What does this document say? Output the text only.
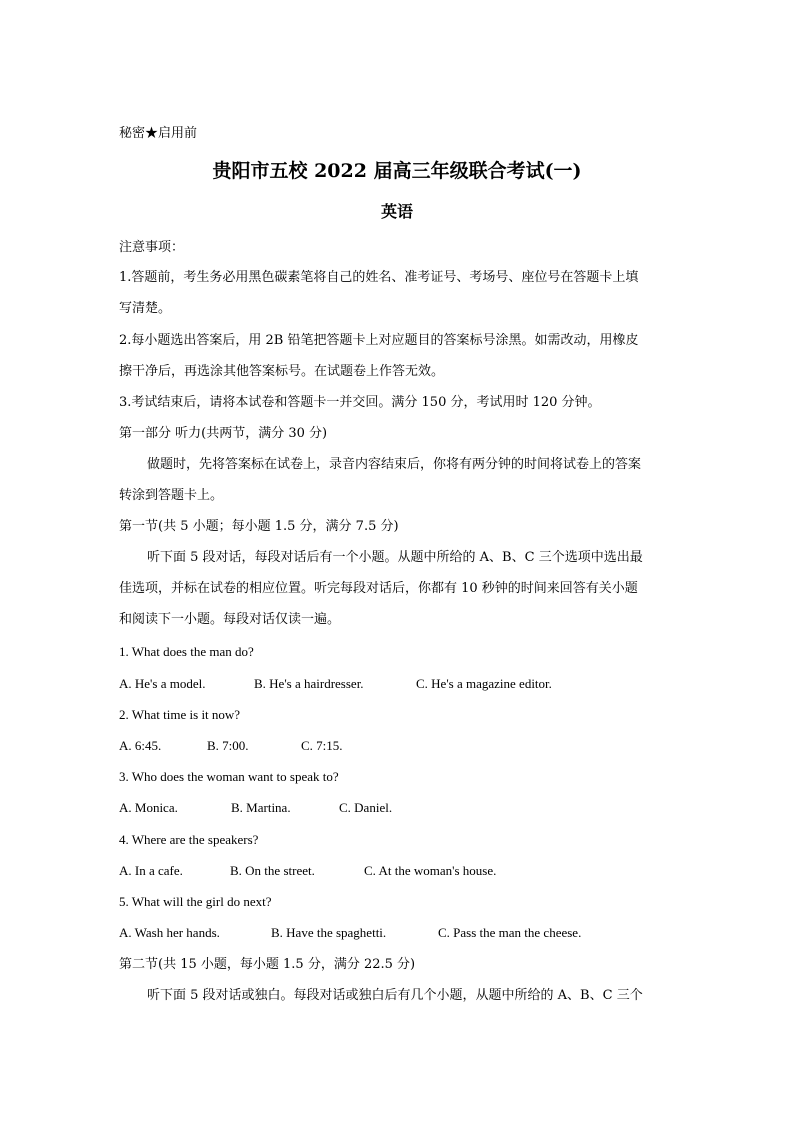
秘密★启用前
贵阳市五校 2022 届高三年级联合考试(一)
英语
注意事项：
1.答题前，考生务必用黑色碳素笔将自己的姓名、准考证号、考场号、座位号在答题卡上填
写清楚。
2.每小题选出答案后，用 2B 铅笔把答题卡上对应题目的答案标号涂黑。如需改动，用橡皮
擦干净后，再选涂其他答案标号。在试题卷上作答无效。
3.考试结束后，请将本试卷和答题卡一并交回。满分 150 分，考试用时 120 分钟。
第一部分 听力(共两节，满分 30 分)
做题时，先将答案标在试卷上，录音内容结束后，你将有两分钟的时间将试卷上的答案
转涂到答题卡上。
第一节(共 5 小题；每小题 1.5 分，满分 7.5 分)
听下面 5 段对话，每段对话后有一个小题。从题中所给的 A、B、C 三个选项中选出最
佳选项，并标在试卷的相应位置。听完每段对话后，你都有 10 秒钟的时间来回答有关小题
和阅读下一小题。每段对话仅读一遍。
1. What does the man do?
A. He's a model.	B. He's a hairdresser.	C. He's a magazine editor.
2. What time is it now?
A. 6:45.	B. 7:00.	C. 7:15.
3. Who does the woman want to speak to?
A. Monica.	B. Martina.	C. Daniel.
4. Where are the speakers?
A. In a cafe.	B. On the street.	C. At the woman's house.
5. What will the girl do next?
A. Wash her hands.	B. Have the spaghetti.	C. Pass the man the cheese.
第二节(共 15 小题，每小题 1.5 分，满分 22.5 分)
听下面 5 段对话或独白。每段对话或独白后有几个小题，从题中所给的 A、B、C 三个
